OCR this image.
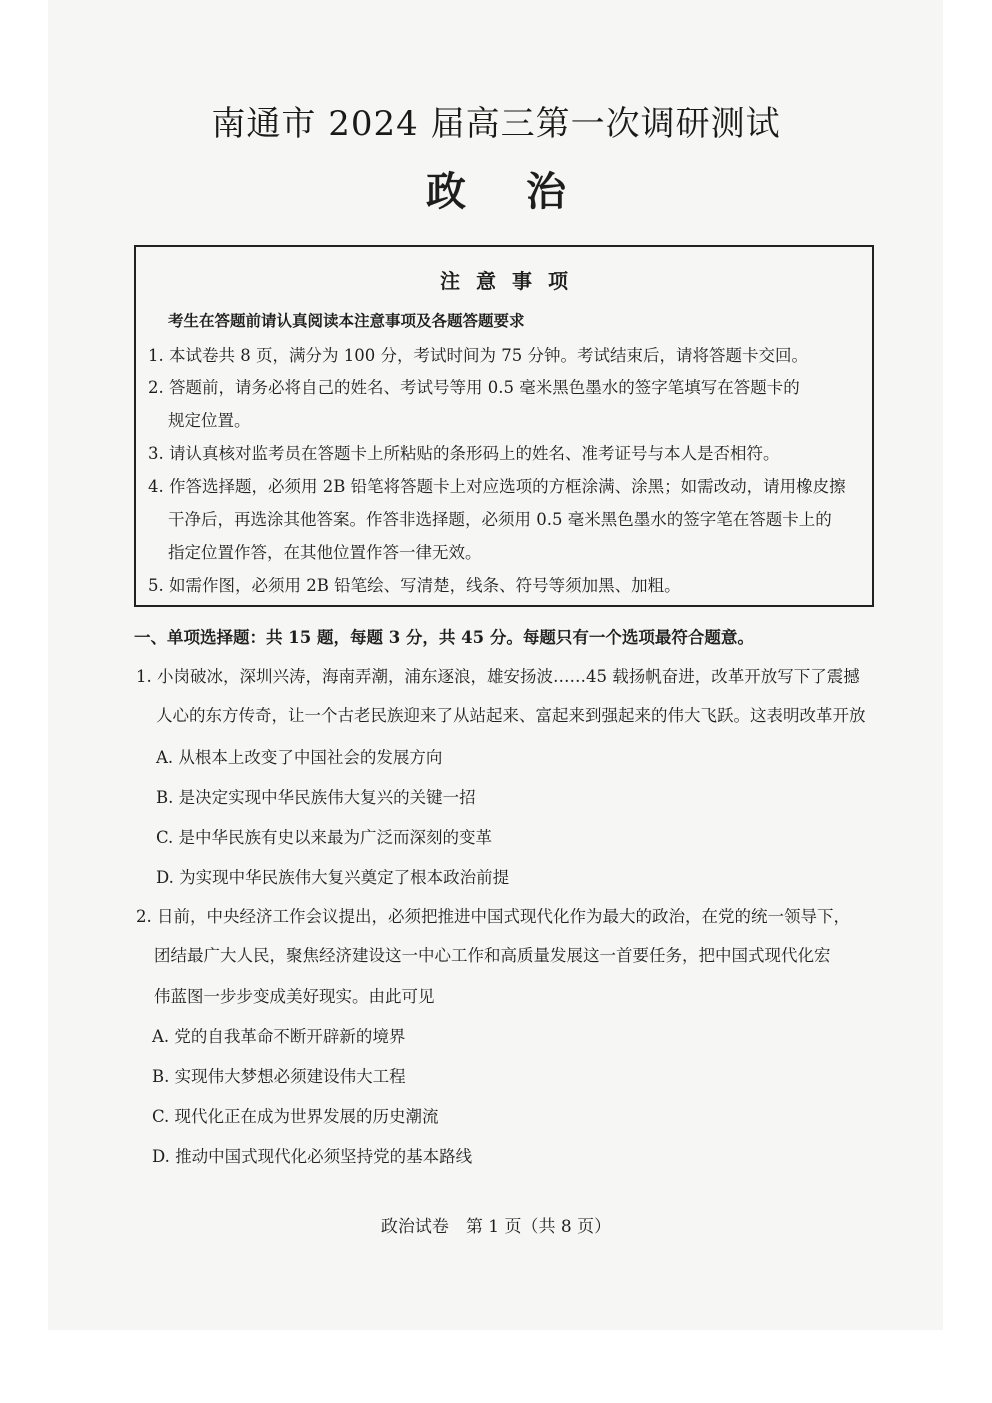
南通市 2024 届高三第一次调研测试
政治
注意事项
考生在答题前请认真阅读本注意事项及各题答题要求
1. 本试卷共 8 页，满分为 100 分，考试时间为 75 分钟。考试结束后，请将答题卡交回。
2. 答题前，请务必将自己的姓名、考试号等用 0.5 毫米黑色墨水的签字笔填写在答题卡的
规定位置。
3. 请认真核对监考员在答题卡上所粘贴的条形码上的姓名、准考证号与本人是否相符。
4. 作答选择题，必须用 2B 铅笔将答题卡上对应选项的方框涂满、涂黑；如需改动，请用橡皮擦
干净后，再选涂其他答案。作答非选择题，必须用 0.5 毫米黑色墨水的签字笔在答题卡上的
指定位置作答，在其他位置作答一律无效。
5. 如需作图，必须用 2B 铅笔绘、写清楚，线条、符号等须加黑、加粗。
一、单项选择题：共 15 题，每题 3 分，共 45 分。每题只有一个选项最符合题意。
1. 小岗破冰，深圳兴涛，海南弄潮，浦东逐浪，雄安扬波……45 载扬帆奋进，改革开放写下了震撼
人心的东方传奇，让一个古老民族迎来了从站起来、富起来到强起来的伟大飞跃。这表明改革开放
A. 从根本上改变了中国社会的发展方向
B. 是决定实现中华民族伟大复兴的关键一招
C. 是中华民族有史以来最为广泛而深刻的变革
D. 为实现中华民族伟大复兴奠定了根本政治前提
2. 日前，中央经济工作会议提出，必须把推进中国式现代化作为最大的政治，在党的统一领导下，
团结最广大人民，聚焦经济建设这一中心工作和高质量发展这一首要任务，把中国式现代化宏
伟蓝图一步步变成美好现实。由此可见
A. 党的自我革命不断开辟新的境界
B. 实现伟大梦想必须建设伟大工程
C. 现代化正在成为世界发展的历史潮流
D. 推动中国式现代化必须坚持党的基本路线
政治试卷　第 1 页（共 8 页）
